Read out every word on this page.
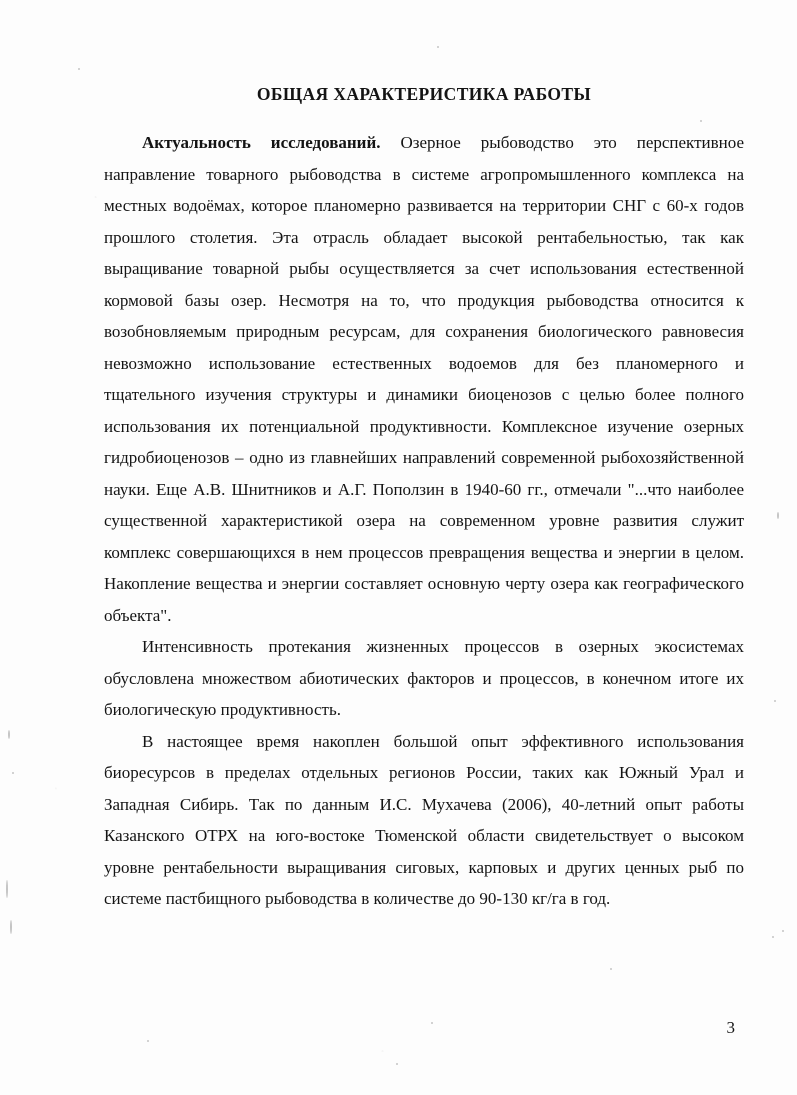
ОБЩАЯ ХАРАКТЕРИСТИКА РАБОТЫ

Актуальность исследований. Озерное рыбоводство это перспективное направление товарного рыбоводства в системе агропромышленного комплекса на местных водоёмах, которое планомерно развивается на территории СНГ с 60-х годов прошлого столетия. Эта отрасль обладает высокой рентабельностью, так как выращивание товарной рыбы осуществляется за счет использования естественной кормовой базы озер. Несмотря на то, что продукция рыбоводства относится к возобновляемым природным ресурсам, для сохранения биологического равновесия невозможно использование естественных водоемов для без планомерного и тщательного изучения структуры и динамики биоценозов с целью более полного использования их потенциальной продуктивности. Комплексное изучение озерных гидробиоценозов – одно из главнейших направлений современной рыбохозяйственной науки. Еще А.В. Шнитников и А.Г. Поползин в 1940-60 гг., отмечали "...что наиболее существенной характеристикой озера на современном уровне развития служит комплекс совершающихся в нем процессов превращения вещества и энергии в целом. Накопление вещества и энергии составляет основную черту озера как географического объекта".

Интенсивность протекания жизненных процессов в озерных экосистемах обусловлена множеством абиотических факторов и процессов, в конечном итоге их биологическую продуктивность.

В настоящее время накоплен большой опыт эффективного использования биоресурсов в пределах отдельных регионов России, таких как Южный Урал и Западная Сибирь. Так по данным И.С. Мухачева (2006), 40-летний опыт работы Казанского ОТРХ на юго-востоке Тюменской области свидетельствует о высоком уровне рентабельности выращивания сиговых, карповых и других ценных рыб по системе пастбищного рыбоводства в количестве до 90-130 кг/га в год.

3
